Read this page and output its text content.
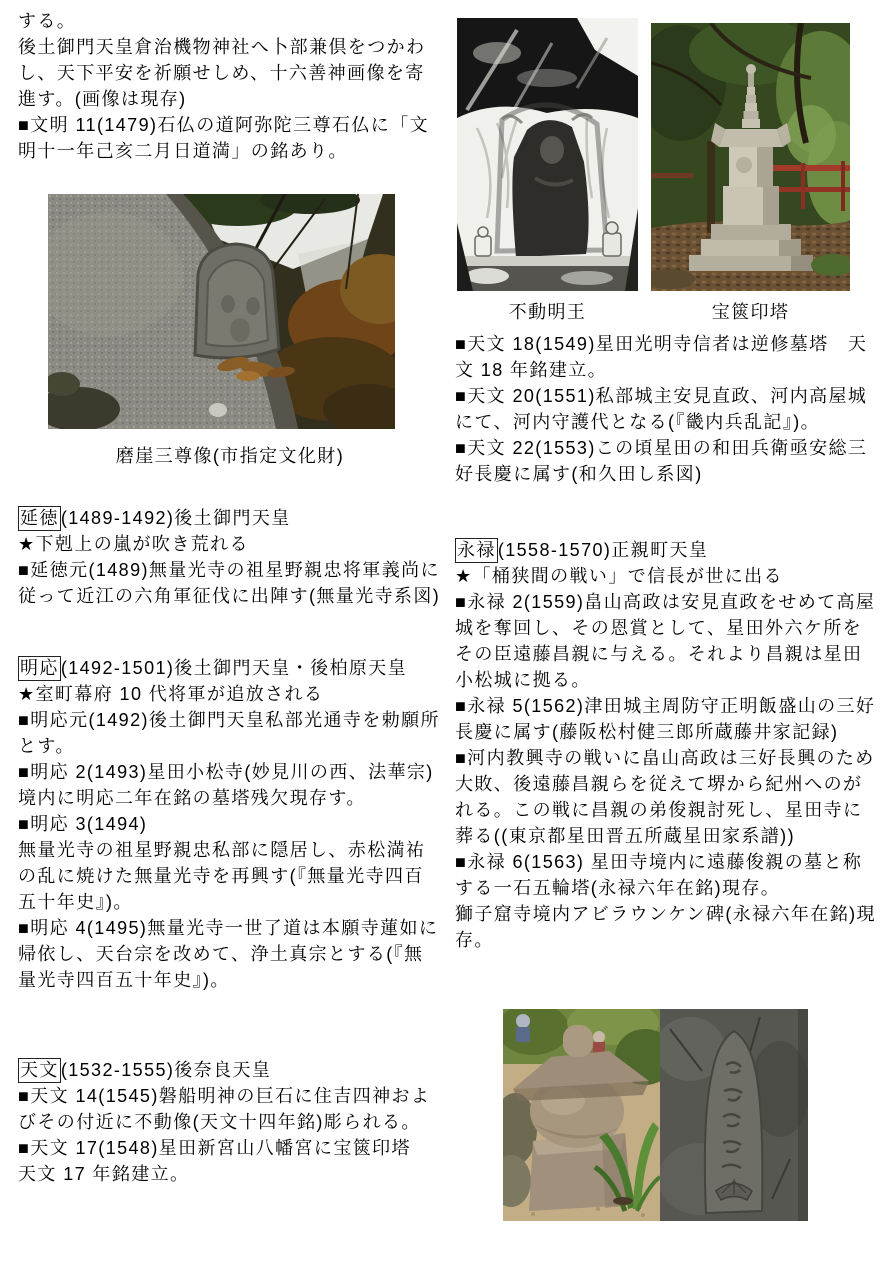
する。

後土御門天皇倉治機物神社へ卜部兼倶をつかわし、天下平安を祈願せしめ、十六善神画像を寄進す。(画像は現存)

■文明 11(1479)石仏の道阿弥陀三尊石仏に「文明十一年己亥二月日道満」の銘あり。

磨崖三尊像(市指定文化財)

延徳 (1489-1492)後土御門天皇

★下剋上の嵐が吹き荒れる

■延徳元(1489)無量光寺の祖星野親忠将軍義尚に従って近江の六角軍征伐に出陣す(無量光寺系図)

明応 (1492-1501)後土御門天皇・後柏原天皇

★室町幕府 10 代将軍が追放される

■明応元(1492)後土御門天皇私部光通寺を勅願所とす。

■明応 2(1493)星田小松寺(妙見川の西、法華宗)境内に明応二年在銘の墓塔残欠現存す。

■明応 3(1494)

無量光寺の祖星野親忠私部に隠居し、赤松満祐の乱に焼けた無量光寺を再興す(『無量光寺四百五十年史』)。

■明応 4(1495)無量光寺一世了道は本願寺蓮如に帰依し、天台宗を改めて、浄土真宗とする(『無量光寺四百五十年史』)。

天文 (1532-1555)後奈良天皇

■天文 14(1545)磐船明神の巨石に住吉四神およびその付近に不動像(天文十四年銘)彫られる。

■天文 17(1548)星田新宮山八幡宮に宝篋印塔　天文 17 年銘建立。

不動明王	宝篋印塔

■天文 18(1549)星田光明寺信者は逆修墓塔　天文 18 年銘建立。

■天文 20(1551)私部城主安見直政、河内高屋城にて、河内守護代となる(『畿内兵乱記』)。

■天文 22(1553)この頃星田の和田兵衛亟安総三好長慶に属す(和久田し系図)

永禄 (1558-1570)正親町天皇

★「桶狭間の戦い」で信長が世に出る

■永禄 2(1559)畠山高政は安見直政をせめて高屋城を奪回し、その恩賞として、星田外六ケ所をその臣遠藤昌親に与える。それより昌親は星田小松城に拠る。

■永禄 5(1562)津田城主周防守正明飯盛山の三好長慶に属す(藤阪松村健三郎所蔵藤井家記録)

■河内教興寺の戦いに畠山高政は三好長興のため大敗、後遠藤昌親らを従えて堺から紀州へのがれる。この戦に昌親の弟俊親討死し、星田寺に葬る((東京都星田晋五所蔵星田家系譜))

■永禄 6(1563) 星田寺境内に遠藤俊親の墓と称する一石五輪塔(永禄六年在銘)現存。

獅子窟寺境内アビラウンケン碑(永禄六年在銘)現存。
